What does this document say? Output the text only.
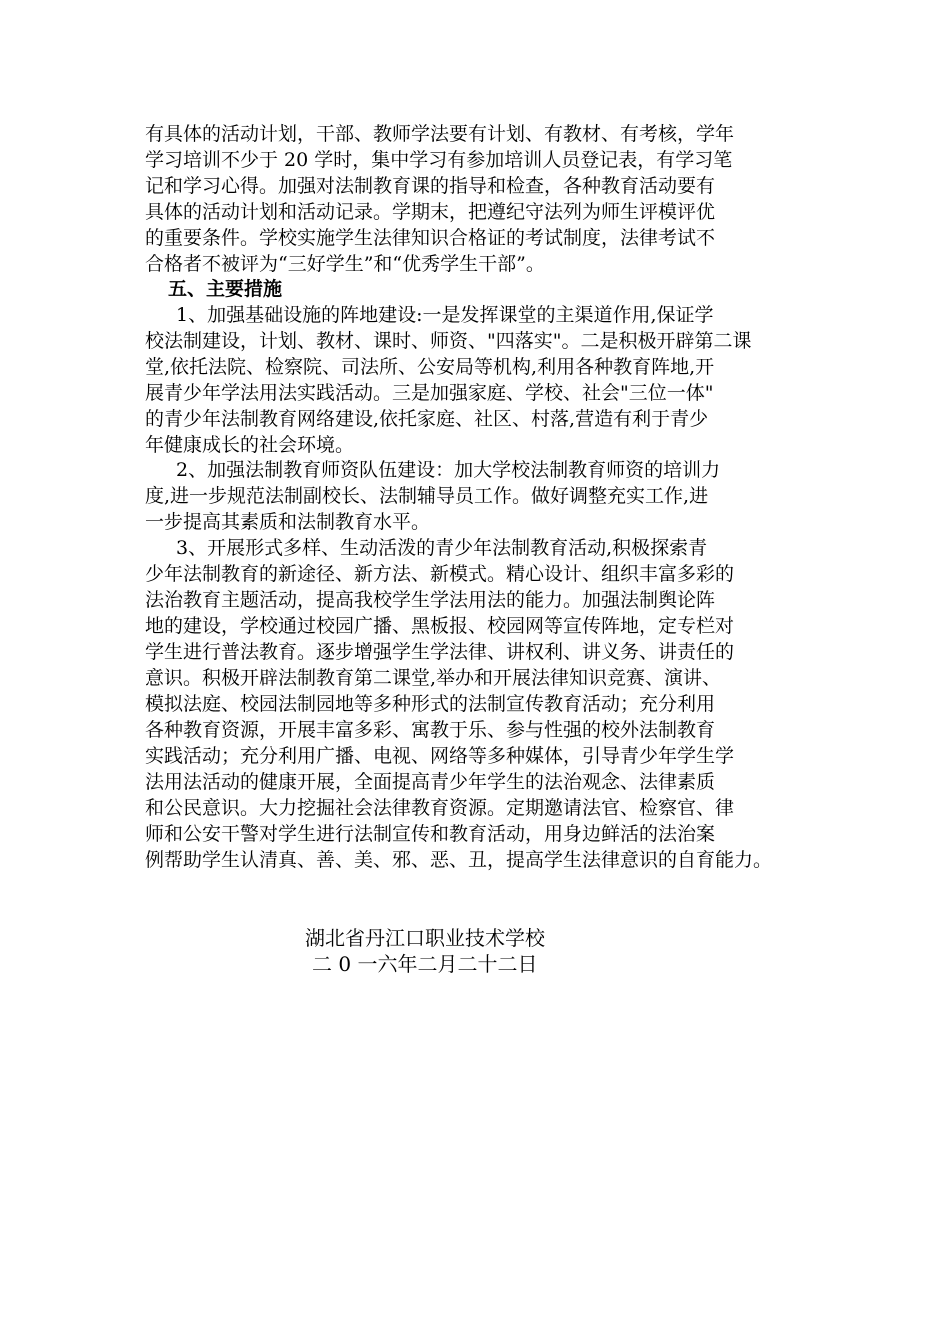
有具体的活动计划，干部、教师学法要有计划、有教材、有考核，学年
学习培训不少于 20 学时，集中学习有参加培训人员登记表，有学习笔
记和学习心得。加强对法制教育课的指导和检查，各种教育活动要有
具体的活动计划和活动记录。学期末，把遵纪守法列为师生评模评优
的重要条件。学校实施学生法律知识合格证的考试制度，法律考试不
合格者不被评为“三好学生”和“优秀学生干部”。
五、主要措施
1、加强基础设施的阵地建设:一是发挥课堂的主渠道作用,保证学
校法制建设，计划、教材、课时、师资、"四落实"。二是积极开辟第二课
堂,依托法院、检察院、司法所、公安局等机构,利用各种教育阵地,开
展青少年学法用法实践活动。三是加强家庭、学校、社会"三位一体"
的青少年法制教育网络建设,依托家庭、社区、村落,营造有利于青少
年健康成长的社会环境。
2、加强法制教育师资队伍建设：加大学校法制教育师资的培训力
度,进一步规范法制副校长、法制辅导员工作。做好调整充实工作,进
一步提高其素质和法制教育水平。
3、开展形式多样、生动活泼的青少年法制教育活动,积极探索青
少年法制教育的新途径、新方法、新模式。精心设计、组织丰富多彩的
法治教育主题活动，提高我校学生学法用法的能力。加强法制舆论阵
地的建设，学校通过校园广播、黑板报、校园网等宣传阵地，定专栏对
学生进行普法教育。逐步增强学生学法律、讲权利、讲义务、讲责任的
意识。积极开辟法制教育第二课堂,举办和开展法律知识竞赛、演讲、
模拟法庭、校园法制园地等多种形式的法制宣传教育活动；充分利用
各种教育资源，开展丰富多彩、寓教于乐、参与性强的校外法制教育
实践活动；充分利用广播、电视、网络等多种媒体，引导青少年学生学
法用法活动的健康开展，全面提高青少年学生的法治观念、法律素质
和公民意识。大力挖掘社会法律教育资源。定期邀请法官、检察官、律
师和公安干警对学生进行法制宣传和教育活动，用身边鲜活的法治案
例帮助学生认清真、善、美、邪、恶、丑，提高学生法律意识的自育能力。
湖北省丹江口职业技术学校
二 0 一六年二月二十二日
